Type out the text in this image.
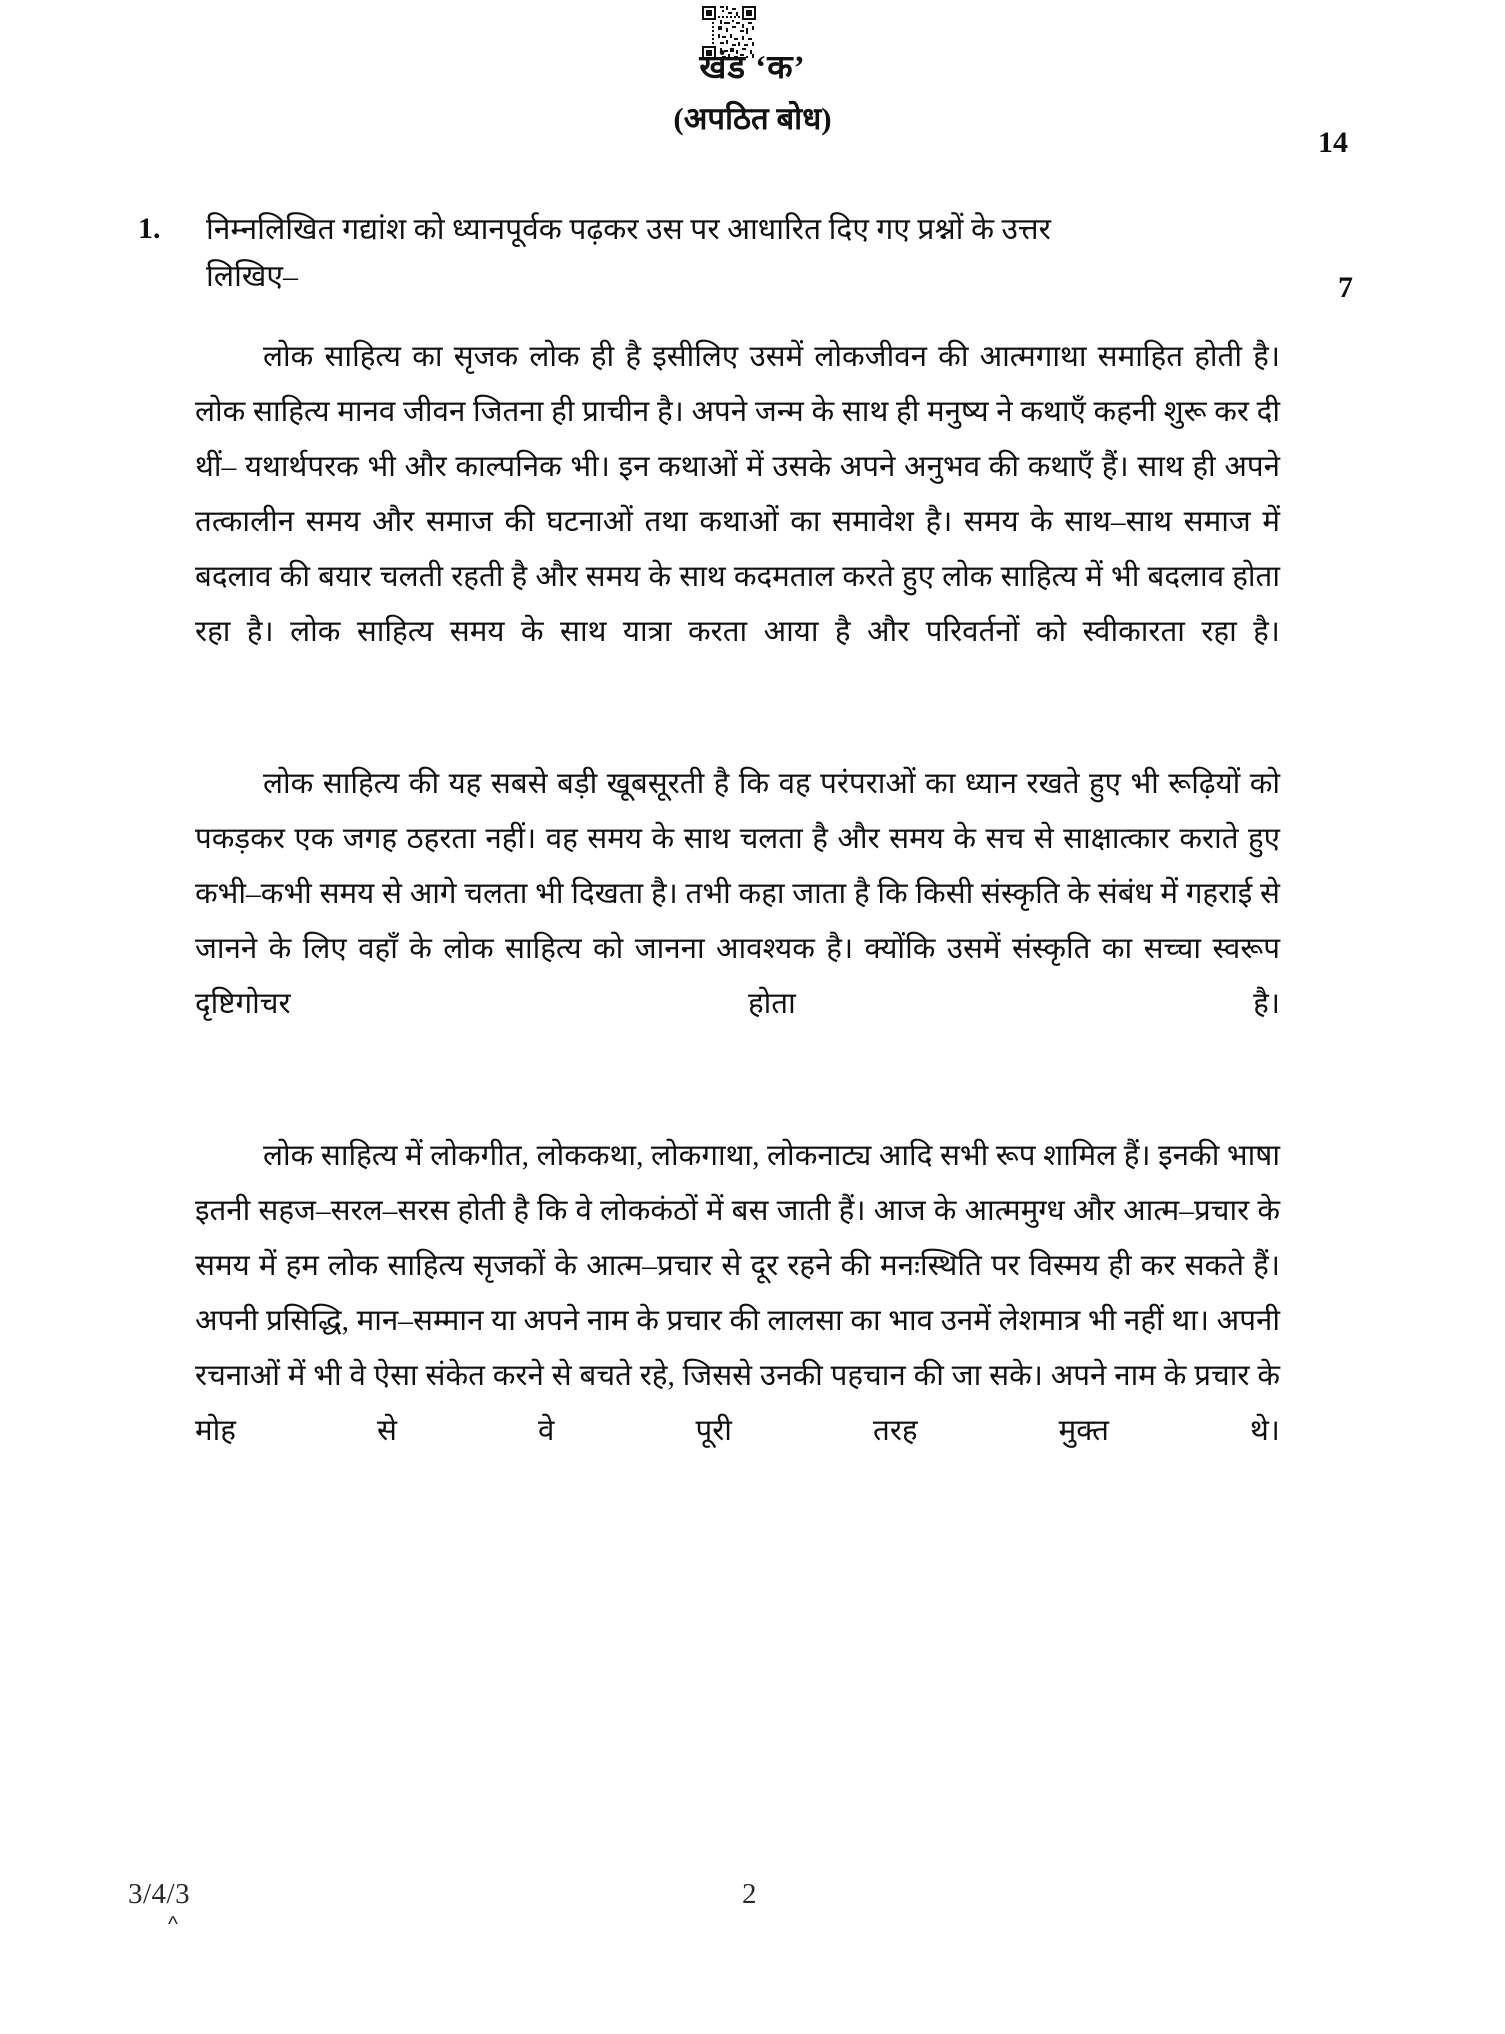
खंड ‘क’
(अपठित बोध)
14
7
1. निम्नलिखित गद्यांश को ध्यानपूर्वक पढ़कर उस पर आधारित दिए गए प्रश्नों के उत्तर
लिखिए–

लोक साहित्य का सृजक लोक ही है इसीलिए उसमें लोकजीवन की आत्मगाथा समाहित होती है। लोक साहित्य मानव जीवन जितना ही प्राचीन है। अपने जन्म के साथ ही मनुष्य ने कथाएँ कहनी शुरू कर दी थीं– यथार्थपरक भी और काल्पनिक भी। इन कथाओं में उसके अपने अनुभव की कथाएँ हैं। साथ ही अपने तत्कालीन समय और समाज की घटनाओं तथा कथाओं का समावेश है। समय के साथ–साथ समाज में बदलाव की बयार चलती रहती है और समय के साथ कदमताल करते हुए लोक साहित्य में भी बदलाव होता रहा है। लोक साहित्य समय के साथ यात्रा करता आया है और परिवर्तनों को स्वीकारता रहा है।

लोक साहित्य की यह सबसे बड़ी खूबसूरती है कि वह परंपराओं का ध्यान रखते हुए भी रूढ़ियों को पकड़कर एक जगह ठहरता नहीं। वह समय के साथ चलता है और समय के सच से साक्षात्कार कराते हुए कभी–कभी समय से आगे चलता भी दिखता है। तभी कहा जाता है कि किसी संस्कृति के संबंध में गहराई से जानने के लिए वहाँ के लोक साहित्य को जानना आवश्यक है। क्योंकि उसमें संस्कृति का सच्चा स्वरूप दृष्टिगोचर होता है।

लोक साहित्य में लोकगीत, लोककथा, लोकगाथा, लोकनाट्य आदि सभी रूप शामिल हैं। इनकी भाषा इतनी सहज–सरल–सरस होती है कि वे लोककंठों में बस जाती हैं। आज के आत्ममुग्ध और आत्म–प्रचार के समय में हम लोक साहित्य सृजकों के आत्म–प्रचार से दूर रहने की मनःस्थिति पर विस्मय ही कर सकते हैं। अपनी प्रसिद्धि, मान–सम्मान या अपने नाम के प्रचार की लालसा का भाव उनमें लेशमात्र भी नहीं था। अपनी रचनाओं में भी वे ऐसा संकेत करने से बचते रहे, जिससे उनकी पहचान की जा सके। अपने नाम के प्रचार के मोह से वे पूरी तरह मुक्त थे।

3/4/3
^
2
